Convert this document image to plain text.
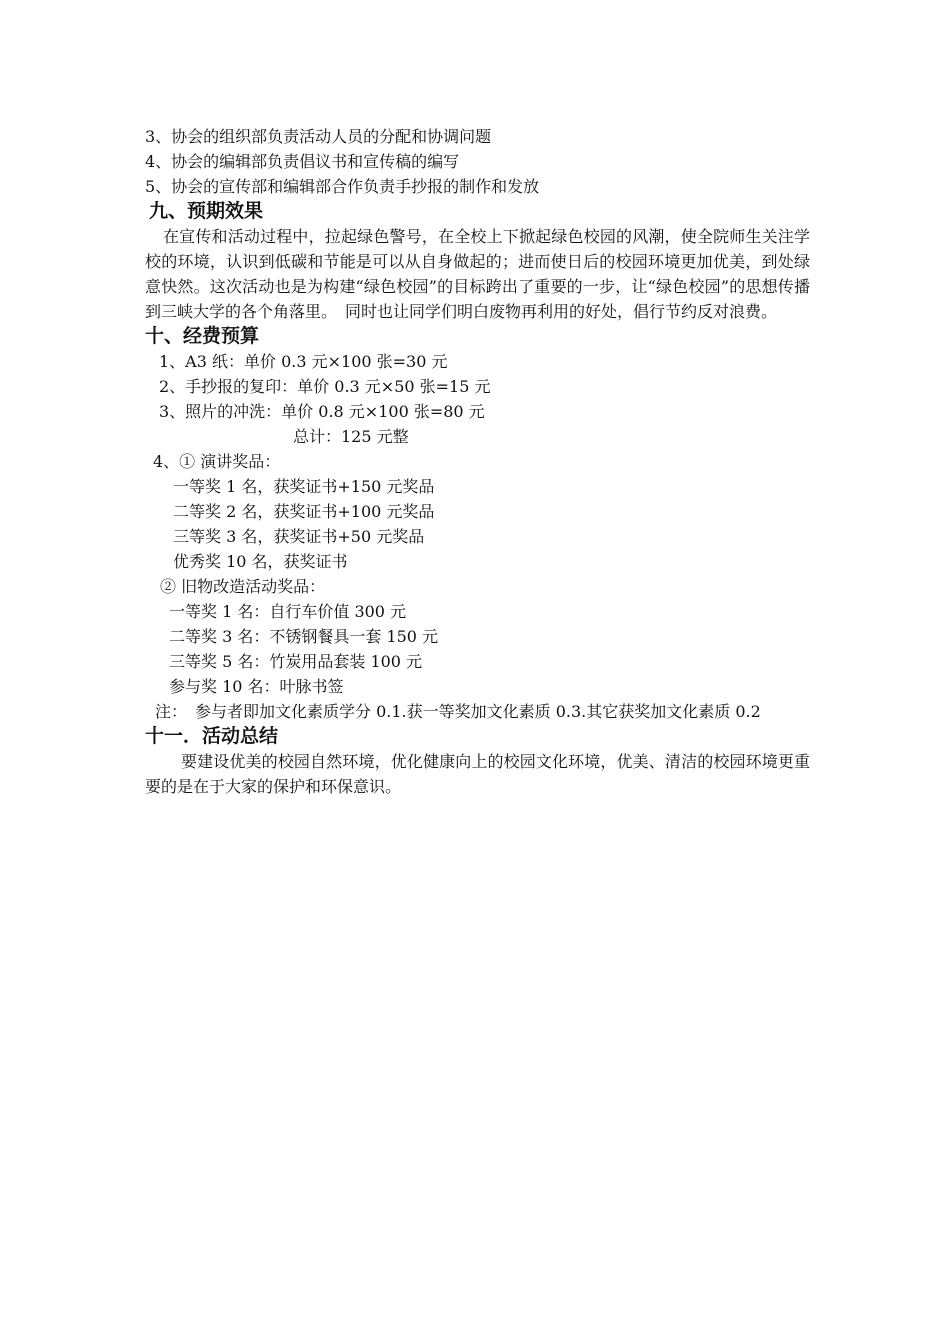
3、协会的组织部负责活动人员的分配和协调问题
4、协会的编辑部负责倡议书和宣传稿的编写
5、协会的宣传部和编辑部合作负责手抄报的制作和发放
九、预期效果
在宣传和活动过程中，拉起绿色警号，在全校上下掀起绿色校园的风潮，使全院师生关注学校的环境，认识到低碳和节能是可以从自身做起的；进而使日后的校园环境更加优美，到处绿意快然。这次活动也是为构建“绿色校园”的目标跨出了重要的一步，让“绿色校园”的思想传播到三峡大学的各个角落里。　同时也让同学们明白废物再利用的好处，倡行节约反对浪费。
十、经费预算
1、A3 纸：单价 0.3 元×100 张=30 元
2、手抄报的复印：单价 0.3 元×50 张=15 元
3、照片的冲洗：单价 0.8 元×100 张=80 元
总计：125 元整
4、① 演讲奖品：
一等奖 1 名，获奖证书+150 元奖品
二等奖 2 名，获奖证书+100 元奖品
三等奖 3 名，获奖证书+50 元奖品
优秀奖 10 名，获奖证书
② 旧物改造活动奖品：
一等奖 1 名：自行车价值 300 元
二等奖 3 名：不锈钢餐具一套 150 元
三等奖 5 名：竹炭用品套装 100 元
参与奖 10 名：叶脉书签
注：　参与者即加文化素质学分 0.1.获一等奖加文化素质 0.3.其它获奖加文化素质 0.2
十一．活动总结
要建设优美的校园自然环境，优化健康向上的校园文化环境，优美、清洁的校园环境更重要的是在于大家的保护和环保意识。
